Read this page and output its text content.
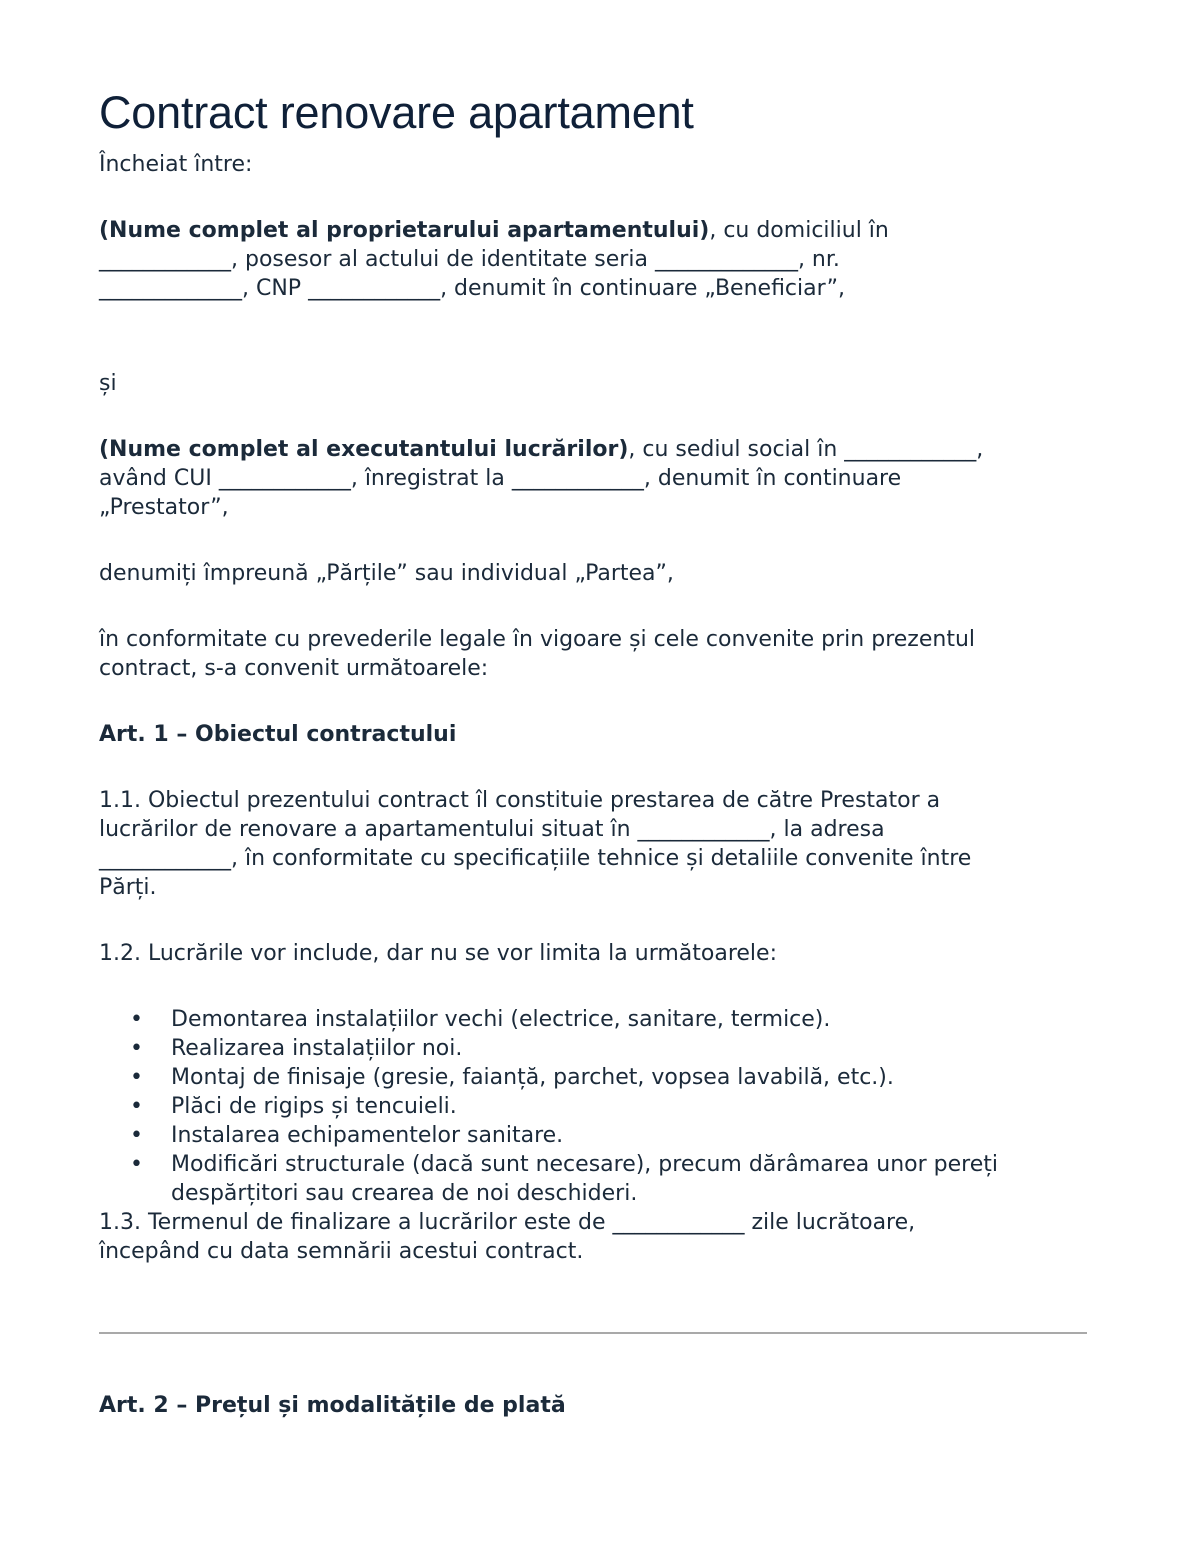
Contract renovare apartament

Încheiat între:

(Nume complet al proprietarului apartamentului), cu domiciliul în

____________, posesor al actului de identitate seria _____________, nr.

_____________, CNP ____________, denumit în continuare „Beneficiar”,

și

(Nume complet al executantului lucrărilor), cu sediul social în ____________,

având CUI ____________, înregistrat la ____________, denumit în continuare

„Prestator”,

denumiți împreună „Părțile” sau individual „Partea”,

în conformitate cu prevederile legale în vigoare și cele convenite prin prezentul

contract, s-a convenit următoarele:

Art. 1 – Obiectul contractului

1.1. Obiectul prezentului contract îl constituie prestarea de către Prestator a

lucrărilor de renovare a apartamentului situat în ____________, la adresa

____________, în conformitate cu specificațiile tehnice și detaliile convenite între

Părți.

1.2. Lucrările vor include, dar nu se vor limita la următoarele:

• Demontarea instalațiilor vechi (electrice, sanitare, termice).
• Realizarea instalațiilor noi.
• Montaj de finisaje (gresie, faianță, parchet, vopsea lavabilă, etc.).
• Plăci de rigips și tencuieli.
• Instalarea echipamentelor sanitare.
• Modificări structurale (dacă sunt necesare), precum dărâmarea unor pereți
despărțitori sau crearea de noi deschideri.

1.3. Termenul de finalizare a lucrărilor este de ____________ zile lucrătoare,

începând cu data semnării acestui contract.

Art. 2 – Prețul și modalitățile de plată
